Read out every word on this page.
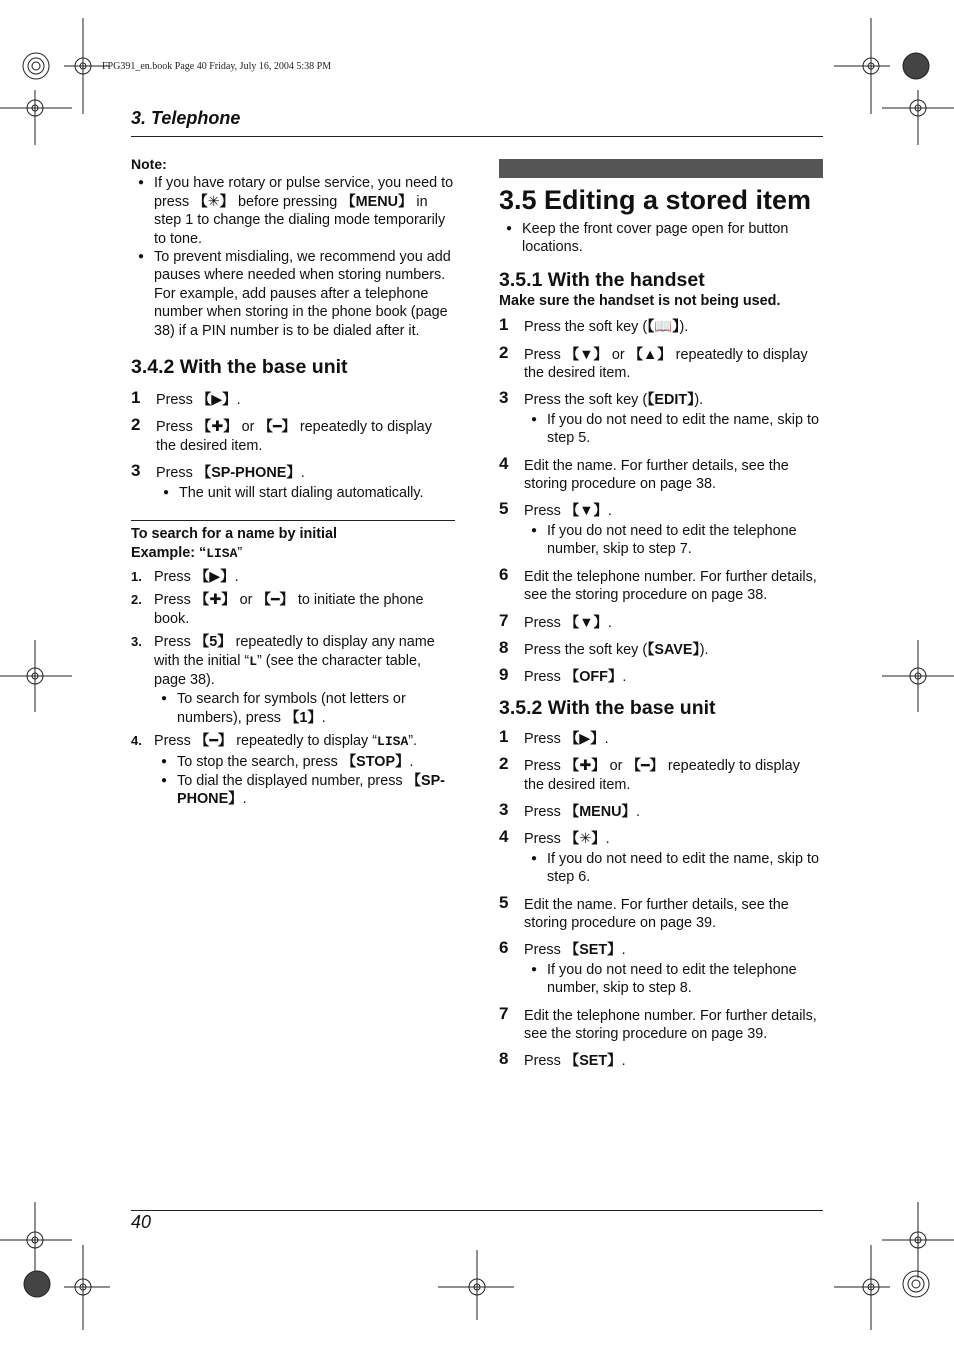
FPG391_en.book Page 40 Friday, July 16, 2004 5:38 PM
3. Telephone
Note:
● If you have rotary or pulse service, you need to press 【✳】 before pressing 【MENU】 in step 1 to change the dialing mode temporarily to tone.
● To prevent misdialing, we recommend you add pauses where needed when storing numbers. For example, add pauses after a telephone number when storing in the phone book (page 38) if a PIN number is to be dialed after it.
3.4.2 With the base unit
1 Press 【▶】.
2 Press 【✚】 or 【━】 repeatedly to display the desired item.
3 Press 【SP-PHONE】.
● The unit will start dialing automatically.
To search for a name by initial
Example: “LISA”
1. Press 【▶】.
2. Press 【✚】 or 【━】 to initiate the phone book.
3. Press 【5】 repeatedly to display any name with the initial “L” (see the character table, page 38).
● To search for symbols (not letters or numbers), press 【1】.
4. Press 【━】 repeatedly to display “LISA”.
● To stop the search, press 【STOP】.
● To dial the displayed number, press 【SP-PHONE】.
3.5 Editing a stored item
● Keep the front cover page open for button locations.
3.5.1 With the handset
Make sure the handset is not being used.
1 Press the soft key (【📖】).
2 Press 【▼】 or 【▲】 repeatedly to display the desired item.
3 Press the soft key (【EDIT】).
● If you do not need to edit the name, skip to step 5.
4 Edit the name. For further details, see the storing procedure on page 38.
5 Press 【▼】.
● If you do not need to edit the telephone number, skip to step 7.
6 Edit the telephone number. For further details, see the storing procedure on page 38.
7 Press 【▼】.
8 Press the soft key (【SAVE】).
9 Press 【OFF】.
3.5.2 With the base unit
1 Press 【▶】.
2 Press 【✚】 or 【━】 repeatedly to display the desired item.
3 Press 【MENU】.
4 Press 【✳】.
● If you do not need to edit the name, skip to step 6.
5 Edit the name. For further details, see the storing procedure on page 39.
6 Press 【SET】.
● If you do not need to edit the telephone number, skip to step 8.
7 Edit the telephone number. For further details, see the storing procedure on page 39.
8 Press 【SET】.
40
